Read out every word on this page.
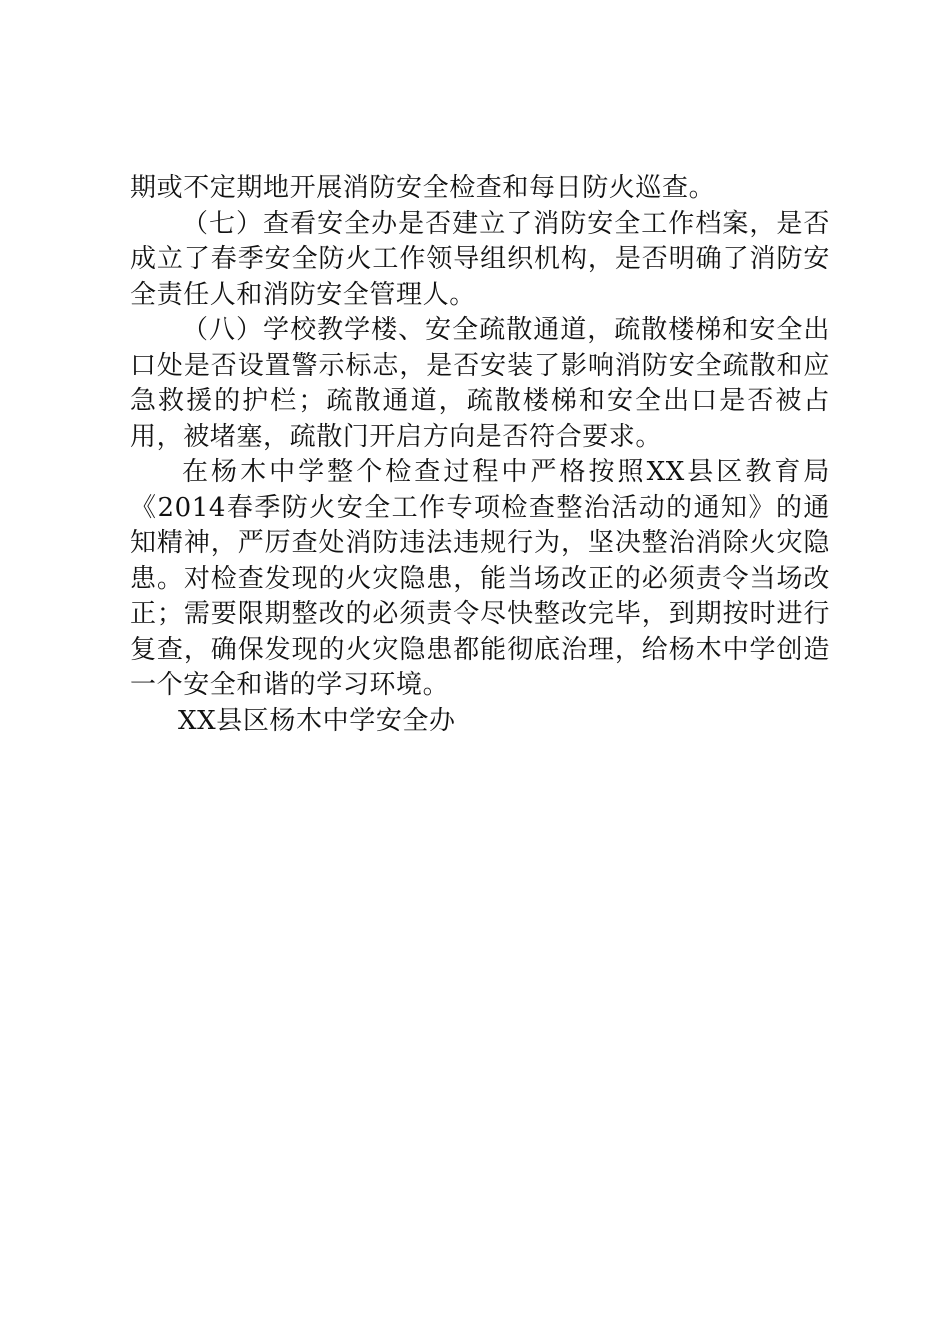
期或不定期地开展消防安全检查和每日防火巡查。

（七）查看安全办是否建立了消防安全工作档案，是否成立了春季安全防火工作领导组织机构，是否明确了消防安全责任人和消防安全管理人。

（八）学校教学楼、安全疏散通道，疏散楼梯和安全出口处是否设置警示标志，是否安装了影响消防安全疏散和应急救援的护栏；疏散通道，疏散楼梯和安全出口是否被占用，被堵塞，疏散门开启方向是否符合要求。

在杨木中学整个检查过程中严格按照XX县区教育局《2014春季防火安全工作专项检查整治活动的通知》的通知精神，严厉查处消防违法违规行为，坚决整治消除火灾隐患。对检查发现的火灾隐患，能当场改正的必须责令当场改正；需要限期整改的必须责令尽快整改完毕，到期按时进行复查，确保发现的火灾隐患都能彻底治理，给杨木中学创造一个安全和谐的学习环境。

XX县区杨木中学安全办
